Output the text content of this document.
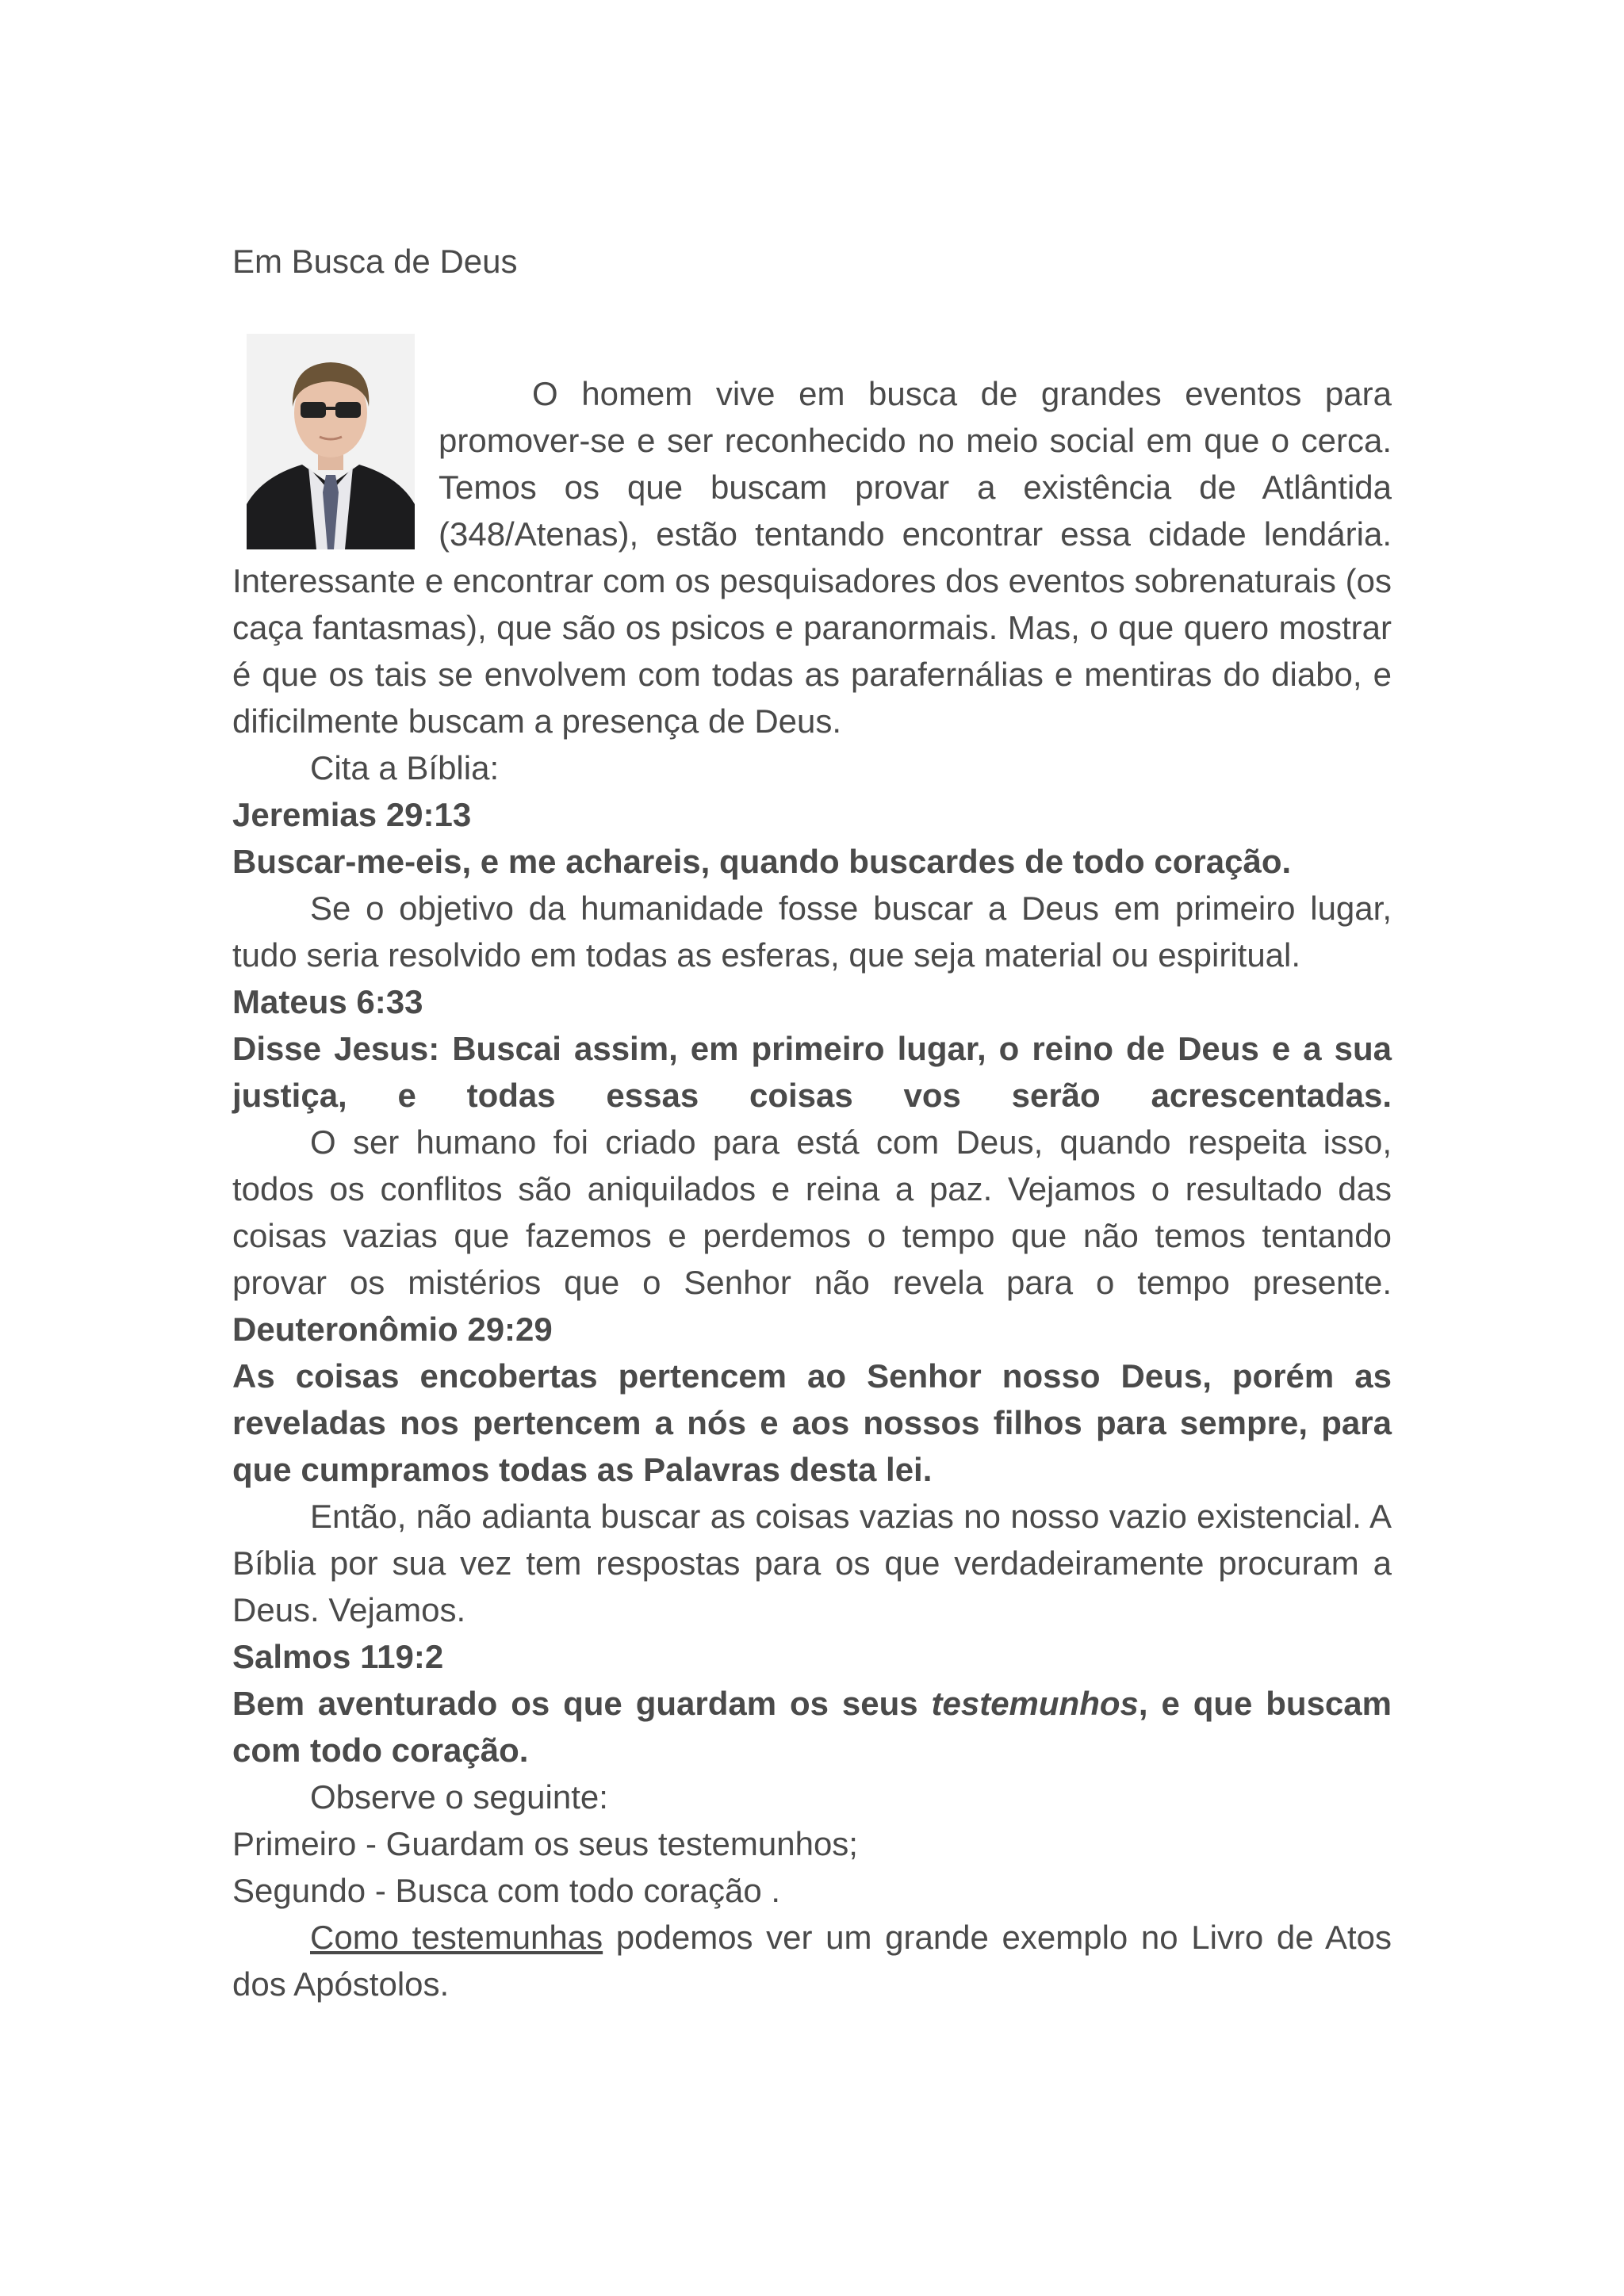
Em Busca de Deus

O homem vive em busca de grandes eventos para promover-se e ser reconhecido no meio social em que o cerca. Temos os que buscam provar a existência de Atlântida (348/Atenas), estão tentando encontrar essa cidade lendária. Interessante e encontrar com os pesquisadores dos eventos sobrenaturais (os caça fantasmas), que são os psicos e paranormais. Mas, o que quero mostrar é que os tais se envolvem com todas as parafernálias e mentiras do diabo, e dificilmente buscam a presença de Deus.

Cita a Bíblia:

Jeremias 29:13

Buscar-me-eis, e me achareis, quando buscardes de todo coração.

Se o objetivo da humanidade fosse buscar a Deus em primeiro lugar, tudo seria resolvido em todas as esferas, que seja material ou espiritual.

Mateus 6:33

Disse Jesus: Buscai assim, em primeiro lugar, o reino de Deus e a sua justiça, e todas essas coisas vos serão acrescentadas.

O ser humano foi criado para está com Deus, quando respeita isso, todos os conflitos são aniquilados e reina a paz. Vejamos o resultado das coisas vazias que fazemos e perdemos o tempo que não temos tentando provar os mistérios que o Senhor não revela para o tempo presente.

Deuteronômio 29:29

As coisas encobertas pertencem ao Senhor nosso Deus, porém as reveladas nos pertencem a nós e aos nossos filhos para sempre, para que cumpramos todas as Palavras desta lei.

Então, não adianta buscar as coisas vazias no nosso vazio existencial. A Bíblia por sua vez tem respostas para os que verdadeiramente procuram a Deus. Vejamos.

Salmos 119:2

Bem aventurado os que guardam os seus testemunhos, e que buscam com todo coração.

Observe o seguinte:

Primeiro - Guardam os seus testemunhos;

Segundo - Busca com todo coração .

Como testemunhas podemos ver um grande exemplo no Livro de Atos dos Apóstolos.
